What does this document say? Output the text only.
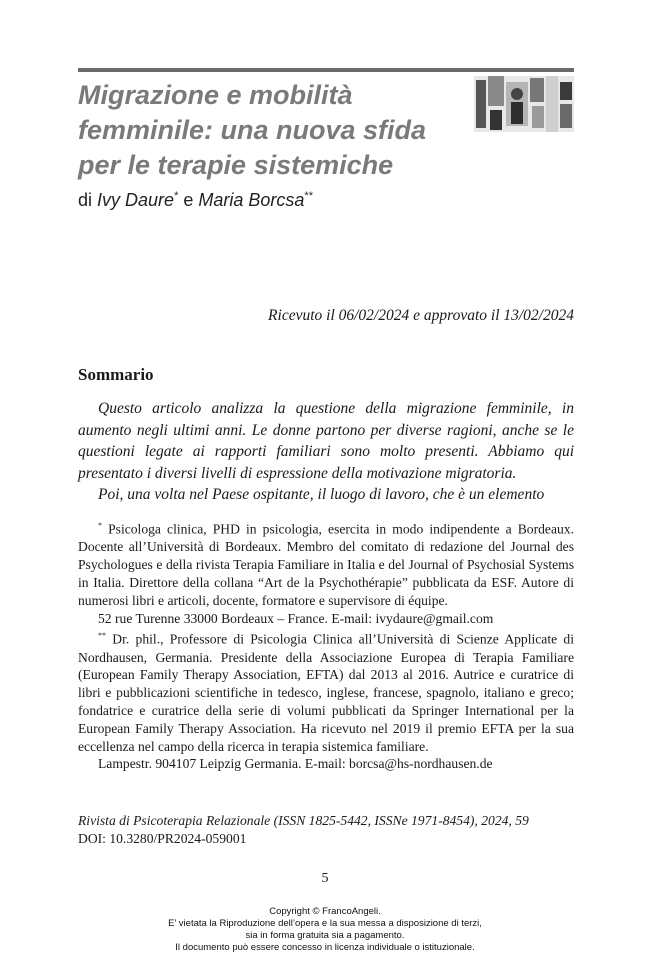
Migrazione e mobilità femminile: una nuova sfida per le terapie sistemiche

di Ivy Daure* e Maria Borcsa**

Ricevuto il 06/02/2024 e approvato il 13/02/2024

Sommario

Questo articolo analizza la questione della migrazione femminile, in aumento negli ultimi anni. Le donne partono per diverse ragioni, anche se le questioni legate ai rapporti familiari sono molto presenti. Abbiamo qui presentato i diversi livelli di espressione della motivazione migratoria.

Poi, una volta nel Paese ospitante, il luogo di lavoro, che è un elemento

* Psicologa clinica, PHD in psicologia, esercita in modo indipendente a Bordeaux. Docente all’Università di Bordeaux. Membro del comitato di redazione del Journal des Psychologues e della rivista Terapia Familiare in Italia e del Journal of Psychosial Systems in Italia. Direttore della collana “Art de la Psychothérapie” pubblicata da ESF. Autore di numerosi libri e articoli, docente, formatore e supervisore di équipe.

52 rue Turenne 33000 Bordeaux – France. E-mail: ivydaure@gmail.com

** Dr. phil., Professore di Psicologia Clinica all’Università di Scienze Applicate di Nordhausen, Germania. Presidente della Associazione Europea di Terapia Familiare (European Family Therapy Association, EFTA) dal 2013 al 2016. Autrice e curatrice di libri e pubblicazioni scientifiche in tedesco, inglese, francese, spagnolo, italiano e greco; fondatrice e curatrice della serie di volumi pubblicati da Springer International per la European Family Therapy Association. Ha ricevuto nel 2019 il premio EFTA per la sua eccellenza nel campo della ricerca in terapia sistemica familiare.

Lampestr. 904107 Leipzig Germania. E-mail: borcsa@hs-nordhausen.de

Rivista di Psicoterapia Relazionale (ISSN 1825-5442, ISSNe 1971-8454), 2024, 59
DOI: 10.3280/PR2024-059001

5

Copyright © FrancoAngeli.
E’ vietata la Riproduzione dell’opera e la sua messa a disposizione di terzi,
sia in forma gratuita sia a pagamento.
Il documento può essere concesso in licenza individuale o istituzionale.
